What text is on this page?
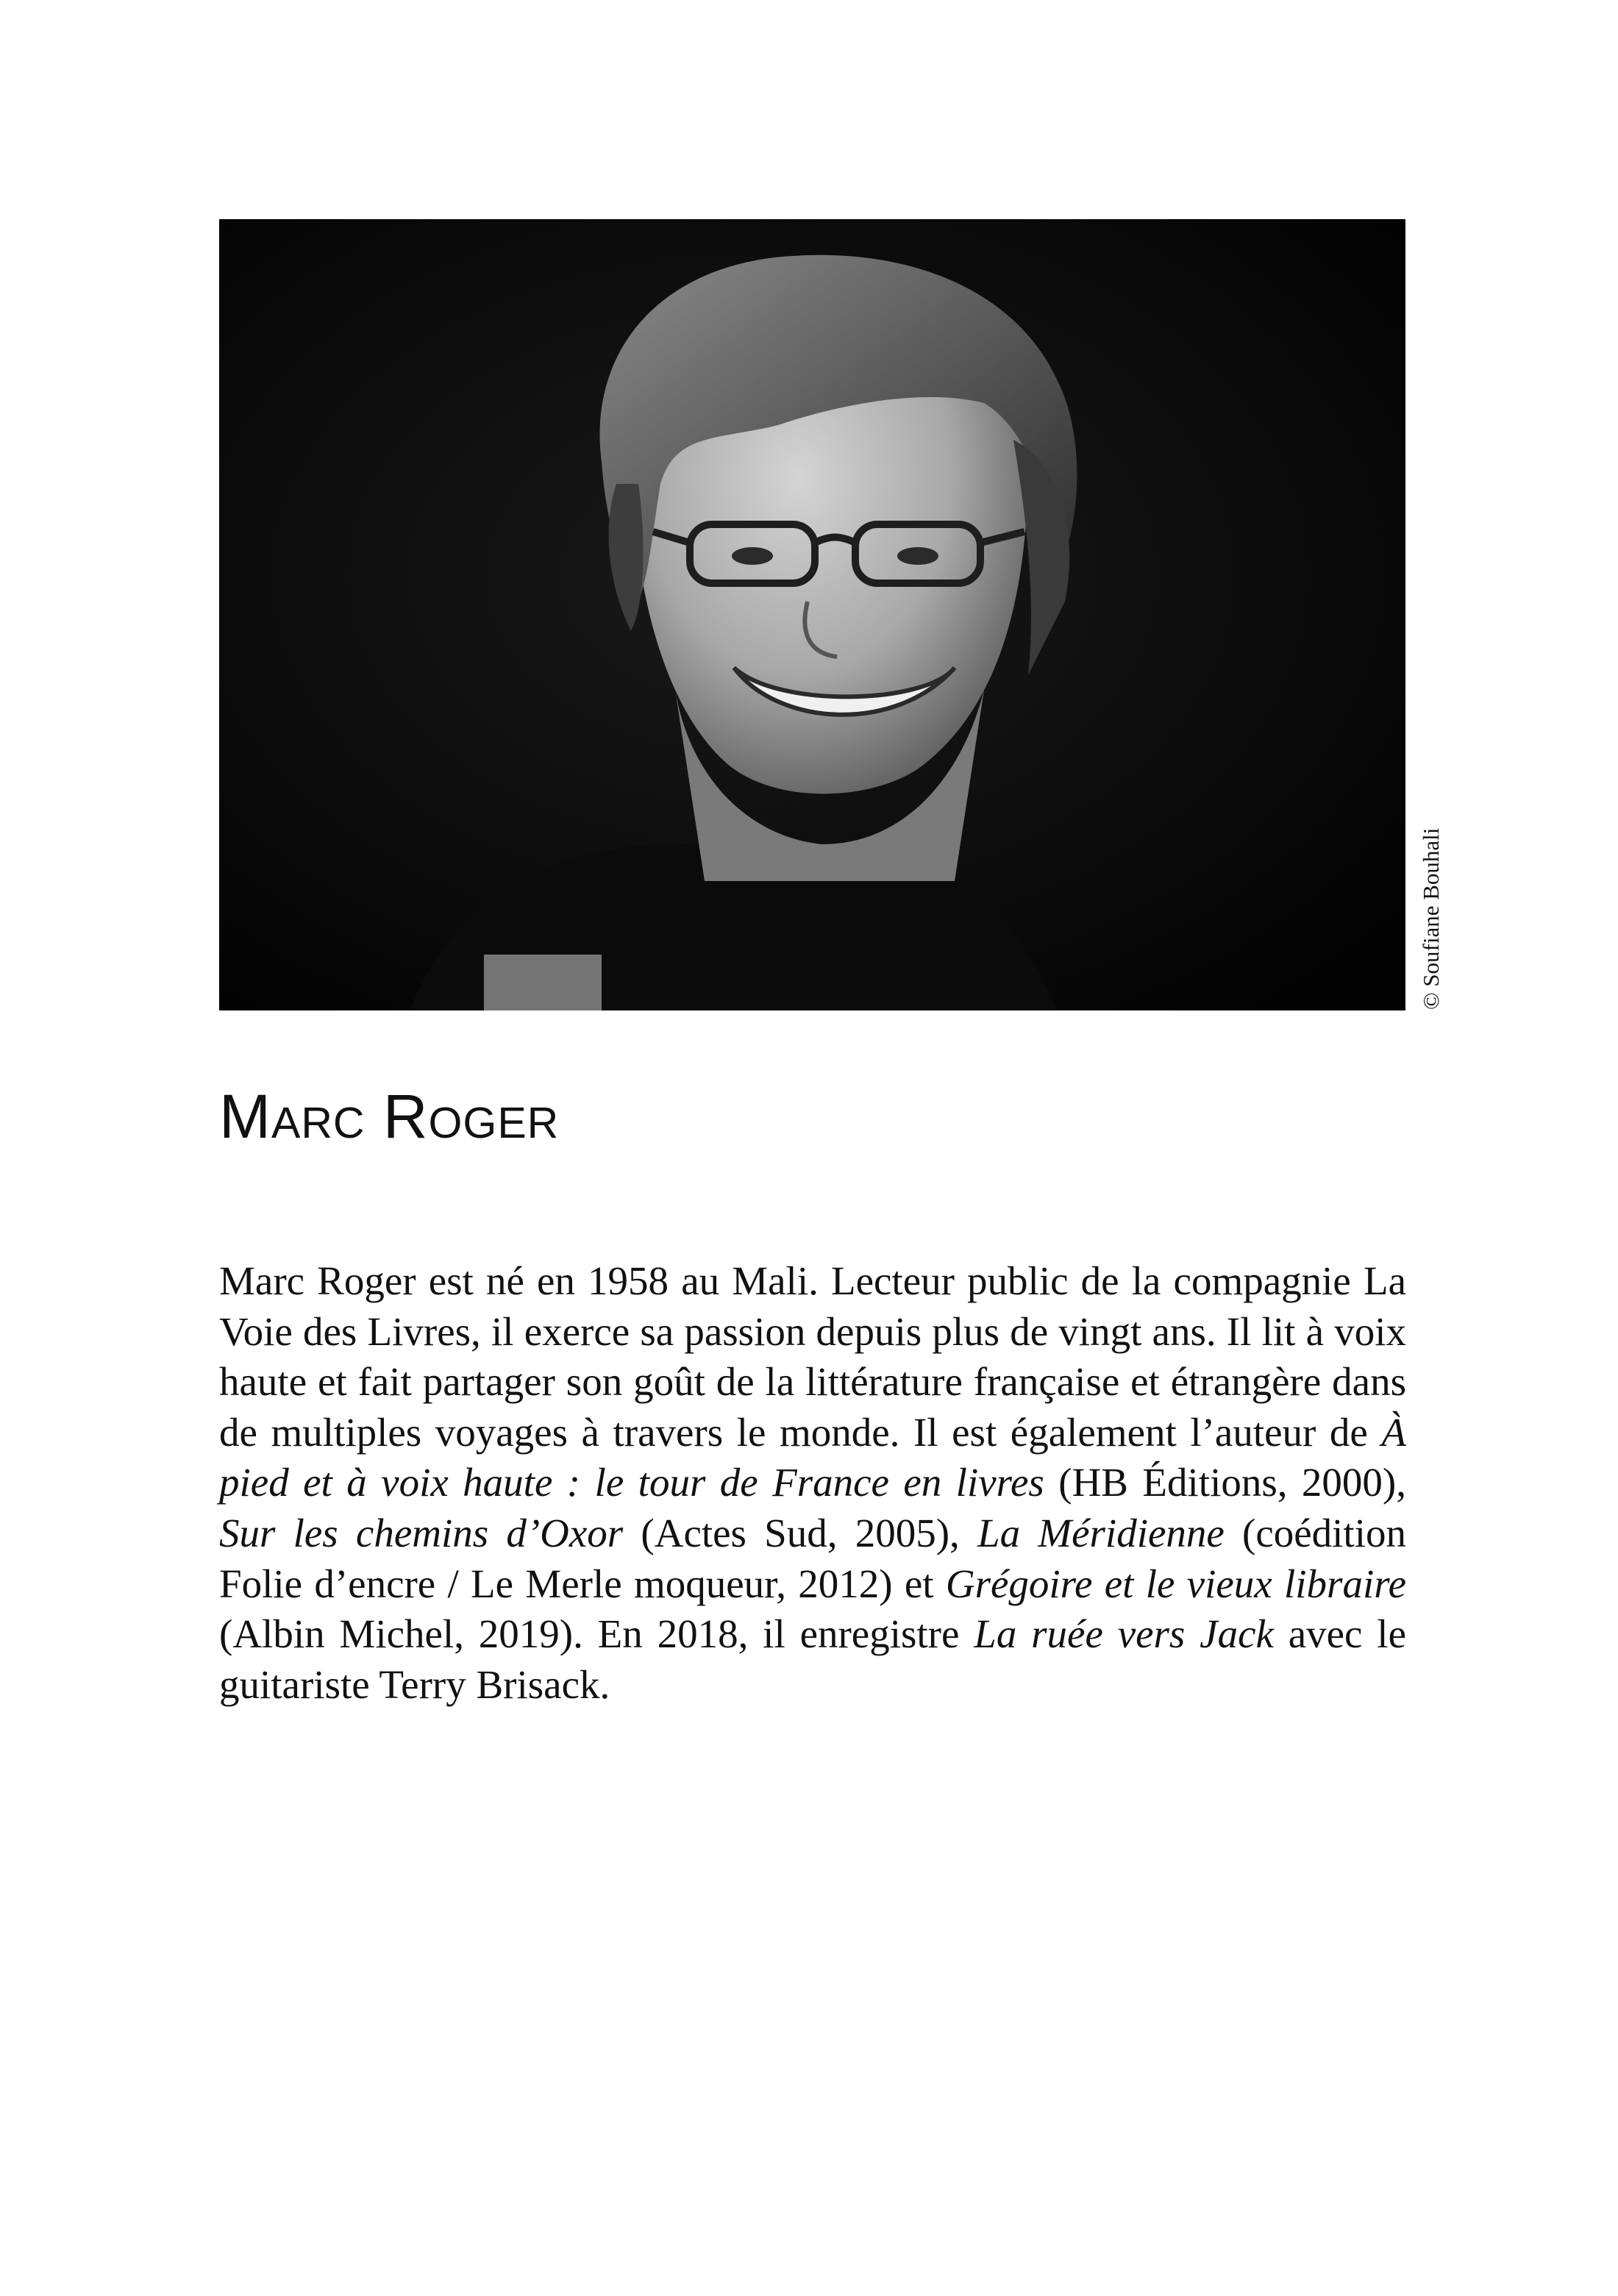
© Soufiane Bouhali
Marc Roger

Marc Roger est né en 1958 au Mali. Lecteur public de la compagnie La Voie des Livres, il exerce sa passion depuis plus de vingt ans. Il lit à voix haute et fait partager son goût de la littérature française et étrangère dans de multiples voyages à travers le monde. Il est également l’auteur de À pied et à voix haute : le tour de France en livres (HB Éditions, 2000), Sur les chemins d’Oxor (Actes Sud, 2005), La Méridienne (coédition Folie d’encre / Le Merle moqueur, 2012) et Grégoire et le vieux libraire (Albin Michel, 2019). En 2018, il enregistre La ruée vers Jack avec le guitariste Terry Brisack.
